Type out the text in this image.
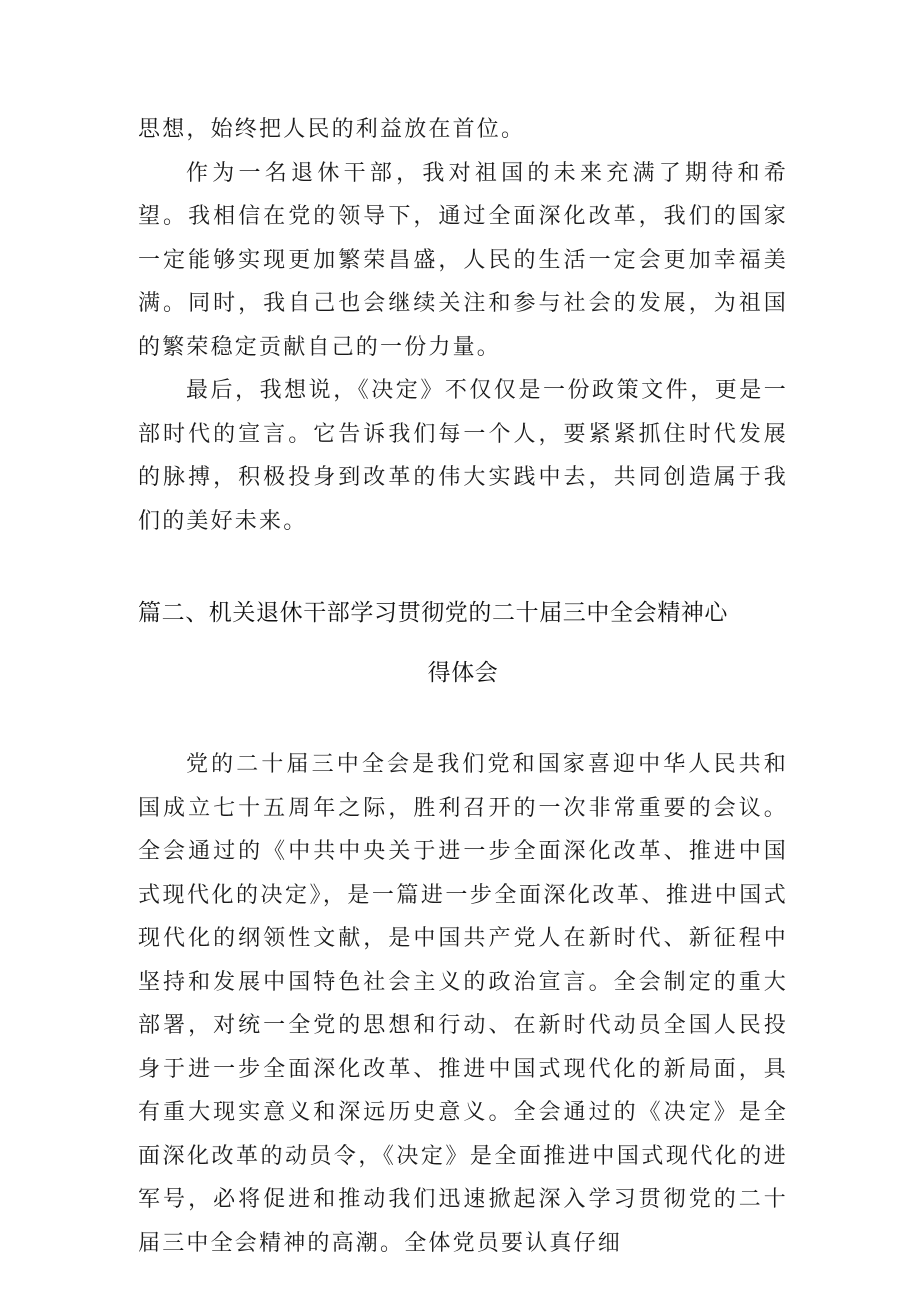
思想，始终把人民的利益放在首位。

作为一名退休干部，我对祖国的未来充满了期待和希望。我相信在党的领导下，通过全面深化改革，我们的国家一定能够实现更加繁荣昌盛，人民的生活一定会更加幸福美满。同时，我自己也会继续关注和参与社会的发展，为祖国的繁荣稳定贡献自己的一份力量。

最后，我想说，《决定》不仅仅是一份政策文件，更是一部时代的宣言。它告诉我们每一个人，要紧紧抓住时代发展的脉搏，积极投身到改革的伟大实践中去，共同创造属于我们的美好未来。

篇二、机关退休干部学习贯彻党的二十届三中全会精神心
得体会

党的二十届三中全会是我们党和国家喜迎中华人民共和国成立七十五周年之际，胜利召开的一次非常重要的会议。全会通过的《中共中央关于进一步全面深化改革、推进中国式现代化的决定》，是一篇进一步全面深化改革、推进中国式现代化的纲领性文献，是中国共产党人在新时代、新征程中坚持和发展中国特色社会主义的政治宣言。全会制定的重大部署，对统一全党的思想和行动、在新时代动员全国人民投身于进一步全面深化改革、推进中国式现代化的新局面，具有重大现实意义和深远历史意义。全会通过的《决定》是全面深化改革的动员令，《决定》是全面推进中国式现代化的进军号，必将促进和推动我们迅速掀起深入学习贯彻党的二十届三中全会精神的高潮。全体党员要认真仔细
